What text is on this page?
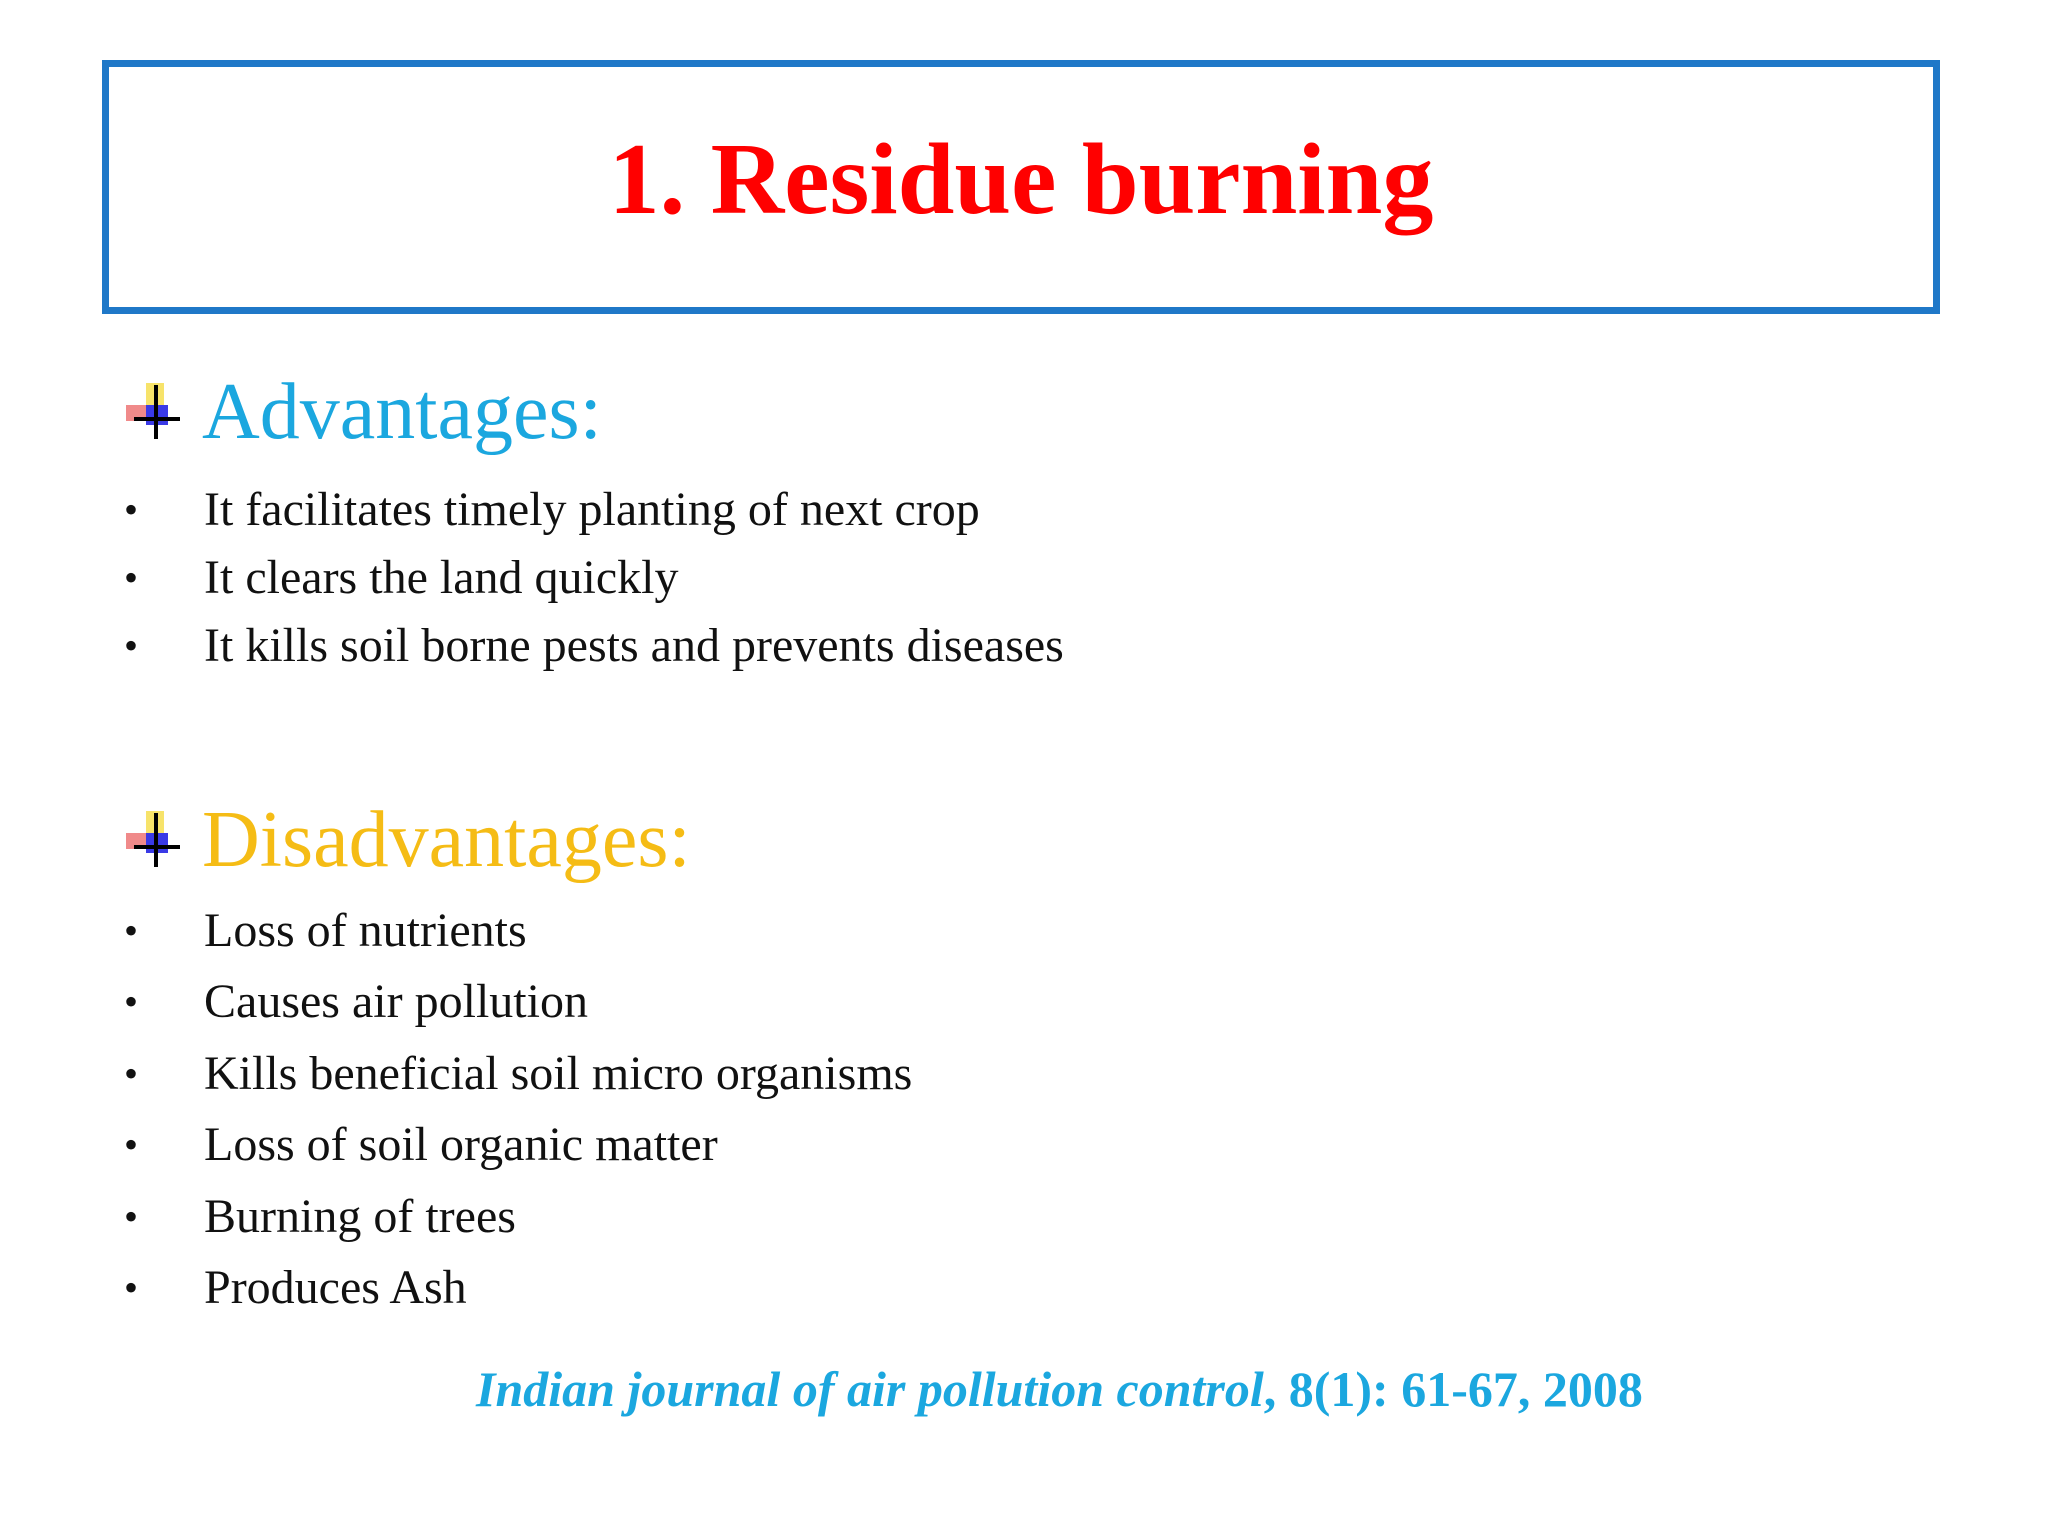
1. Residue burning
Advantages:
•	It facilitates timely planting of next crop
•	It clears the land quickly
•	It kills soil borne pests and prevents diseases
Disadvantages:
•	Loss of nutrients
•	Causes air pollution
•	Kills beneficial soil micro organisms
•	Loss of soil organic matter
•	Burning of trees
•	Produces Ash
Indian journal of air pollution control, 8(1): 61-67, 2008
